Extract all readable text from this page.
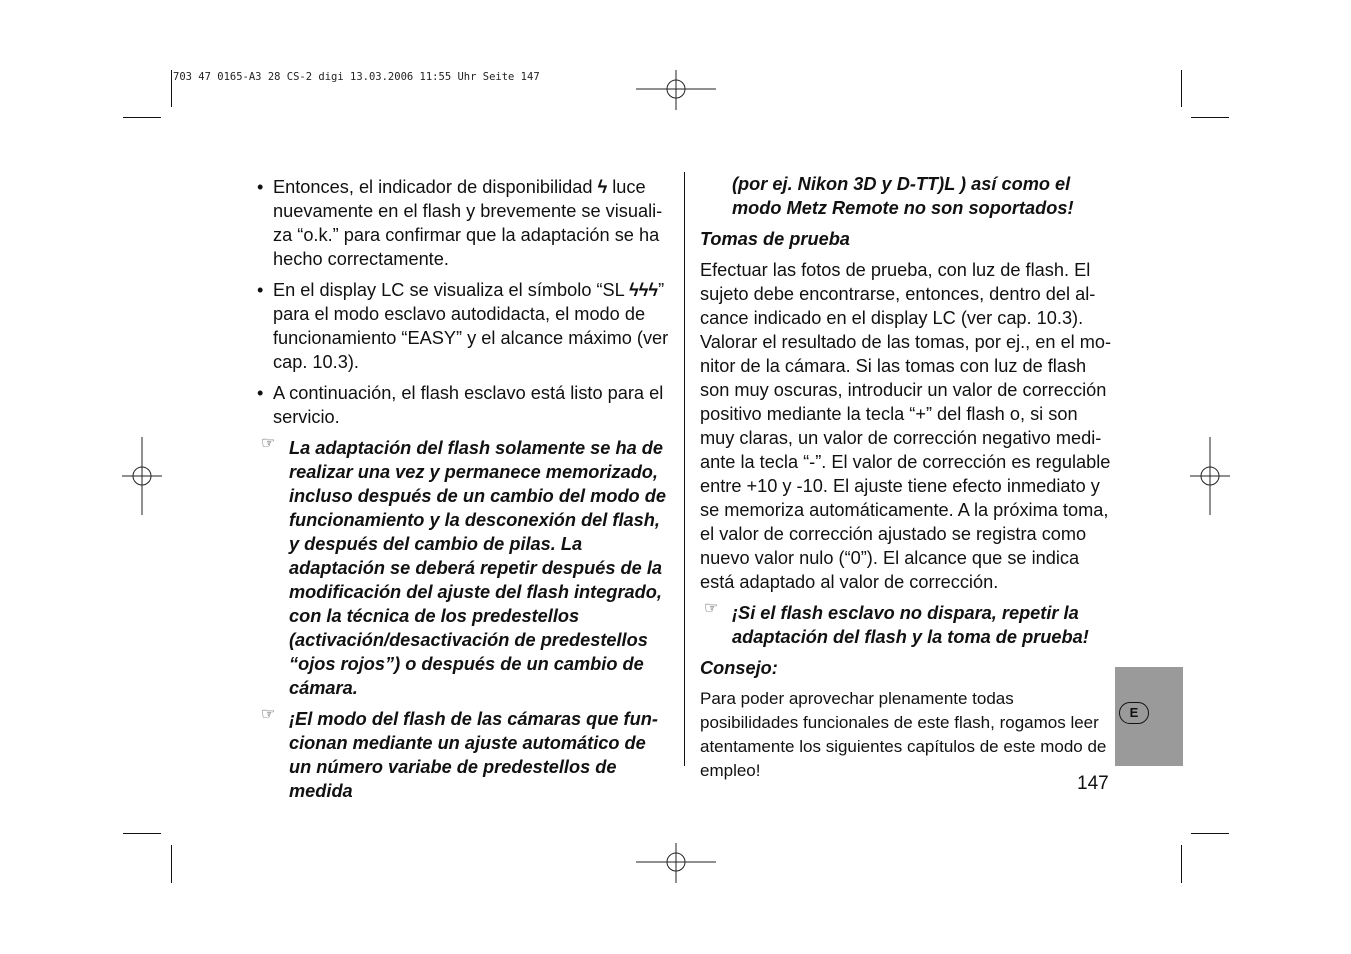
703 47 0165-A3 28 CS-2 digi 13.03.2006 11:55 Uhr Seite 147
• Entonces, el indicador de disponibilidad ϟ luce nuevamente en el flash y brevemente se visuali-za “o.k.” para confirmar que la adaptación se ha hecho correctamente.
• En el display LC se visualiza el símbolo “SL ϟϟϟ” para el modo esclavo autodidacta, el modo de funcionamiento “EASY” y el alcance máximo (ver cap. 10.3).
• A continuación, el flash esclavo está listo para el servicio.
☞ La adaptación del flash solamente se ha de realizar una vez y permanece memorizado, incluso después de un cambio del modo de funcionamiento y la desconexión del flash, y después del cambio de pilas. La adaptación se deberá repetir después de la modificación del ajuste del flash integrado, con la técnica de los predestellos (activación/desactivación de predestellos “ojos rojos”) o después de un cambio de cámara.
☞ ¡El modo del flash de las cámaras que fun-cionan mediante un ajuste automático de un número variabe de predestellos de medida
(por ej. Nikon 3D y D-TT)L ) así como el modo Metz Remote no son soportados!
Tomas de prueba
Efectuar las fotos de prueba, con luz de flash. El sujeto debe encontrarse, entonces, dentro del al-cance indicado en el display LC (ver cap. 10.3). Valorar el resultado de las tomas, por ej., en el mo-nitor de la cámara. Si las tomas con luz de flash son muy oscuras, introducir un valor de corrección positivo mediante la tecla “+” del flash o, si son muy claras, un valor de corrección negativo medi-ante la tecla “-”. El valor de corrección es regulable entre +10 y -10. El ajuste tiene efecto inmediato y se memoriza automáticamente. A la próxima toma, el valor de corrección ajustado se registra como nuevo valor nulo (“0”). El alcance que se indica está adaptado al valor de corrección.
☞ ¡Si el flash esclavo no dispara, repetir la adaptación del flash y la toma de prueba!
Consejo:
Para poder aprovechar plenamente todas posibilidades funcionales de este flash, rogamos leer atentamente los siguientes capítulos de este modo de empleo!
E
147
